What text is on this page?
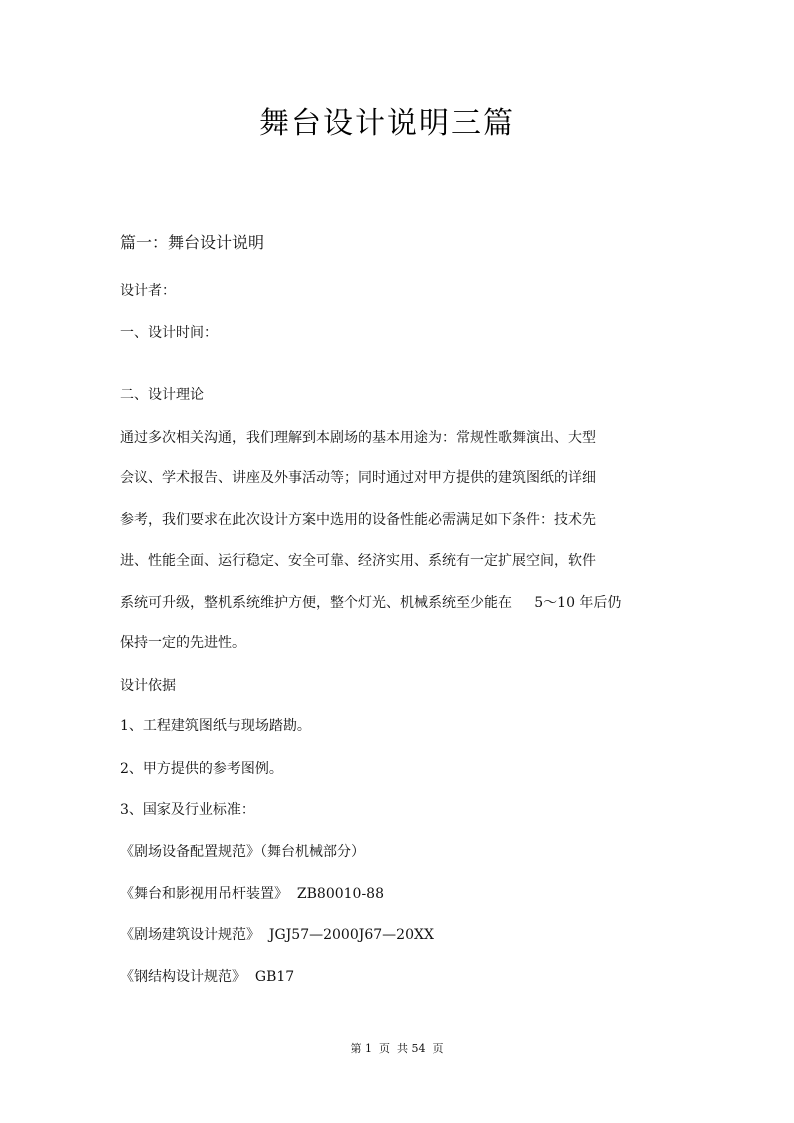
舞台设计说明三篇
篇一：舞台设计说明
设计者：
一、设计时间：
二、设计理论
通过多次相关沟通，我们理解到本剧场的基本用途为：常规性歌舞演出、大型
会议、学术报告、讲座及外事活动等；同时通过对甲方提供的建筑图纸的详细
参考，我们要求在此次设计方案中选用的设备性能必需满足如下条件：技术先
进、性能全面、运行稳定、安全可靠、经济实用、系统有一定扩展空间，软件
系统可升级，整机系统维护方便，整个灯光、机械系统至少能在     5～10 年后仍
保持一定的先进性。
设计依据
1、工程建筑图纸与现场踏勘。
2、甲方提供的参考图例。
3、国家及行业标准：
《剧场设备配置规范》（舞台机械部分）
《舞台和影视用吊杆装置》  ZB80010-88
《剧场建筑设计规范》  JGJ57—2000J67—20XX
《钢结构设计规范》  GB17
第 1  页  共 54  页
